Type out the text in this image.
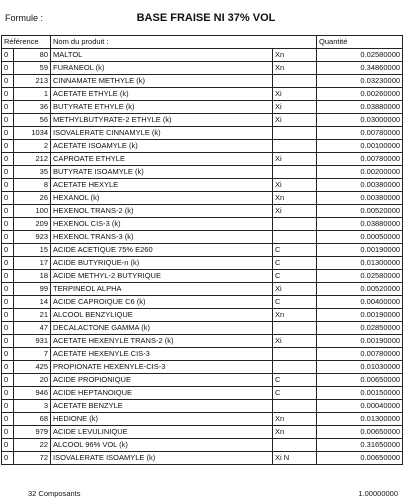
Formule :	BASE FRAISE NI 37% VOL
Référence		Nom du produit :		Quantité
0	80	MALTOL	Xn	0.02580000
0	59	FURANEOL (k)	Xn	0.34860000
0	213	CINNAMATE METHYLE (k)		0.03230000
0	1	ACETATE ETHYLE (k)	Xi	0.00260000
0	36	BUTYRATE ETHYLE (k)	Xi	0.03880000
0	56	METHYLBUTYRATE-2 ETHYLE (k)	Xi	0.03000000
0	1034	ISOVALERATE CINNAMYLE (k)		0.00780000
0	2	ACETATE ISOAMYLE (k)		0.00100000
0	212	CAPROATE ETHYLE	Xi	0.00780000
0	35	BUTYRATE ISOAMYLE (k)		0.00200000
0	8	ACETATE HEXYLE	Xi	0.00380000
0	26	HEXANOL (k)	Xn	0.00380000
0	100	HEXENOL TRANS-2 (k)	Xi	0.00520000
0	209	HEXENOL CIS-3 (k)		0.03880000
0	923	HEXENOL TRANS-3 (k)		0.00050000
0	15	ACIDE ACETIQUE 75% E260	C	0.00190000
0	17	ACIDE BUTYRIQUE-n (k)	C	0.01300000
0	18	ACIDE METHYL-2 BUTYRIQUE	C	0.02580000
0	99	TERPINEOL ALPHA	Xi	0.00520000
0	14	ACIDE CAPROIQUE C6 (k)	C	0.00400000
0	21	ALCOOL BENZYLIQUE	Xn	0.00190000
0	47	DECALACTONE GAMMA (k)		0.02850000
0	931	ACETATE HEXENYLE TRANS-2 (k)	Xi	0.00190000
0	7	ACETATE HEXENYLE CIS-3		0.00780000
0	425	PROPIONATE HEXENYLE-CIS-3		0.01030000
0	20	ACIDE PROPIONIQUE	C	0.00650000
0	946	ACIDE HEPTANOIQUE	C	0.00150000
0	3	ACETATE BENZYLE		0.00040000
0	68	HEDIONE (k)	Xn	0.01300000
0	979	ACIDE LEVULINIQUE	Xn	0.00650000
0	22	ALCOOL 96% VOL (k)		0.31650000
0	72	ISOVALERATE ISOAMYLE (k)	Xi N	0.00650000
32 Composants	1.00000000
